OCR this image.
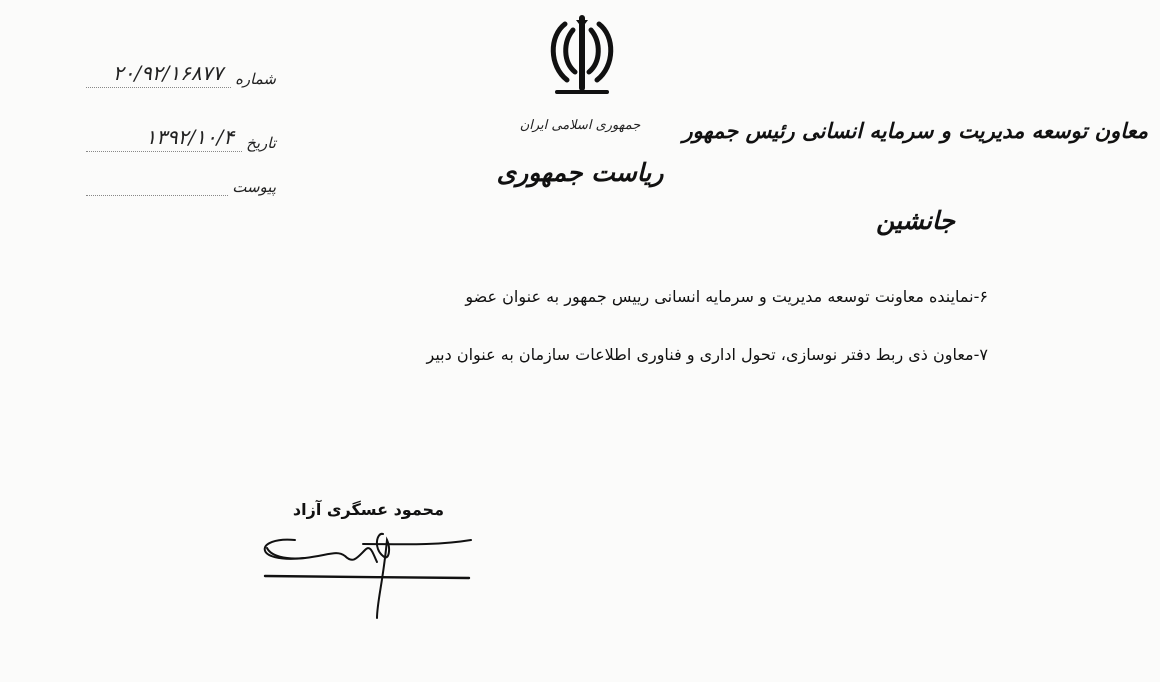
شماره
۲۰/۹۲/۱۶۸۷۷
تاریخ
۱۳۹۲/۱۰/۴
پیوست
جمهوری اسلامی ایران
ریاست جمهوری
معاون توسعه مدیریت و سرمایه انسانی رئیس جمهور
جانشین
۶-نماینده معاونت توسعه مدیریت و سرمایه انسانی رییس جمهور به عنوان عضو
۷-معاون ذی ربط دفتر نوسازی، تحول اداری و فناوری اطلاعات سازمان به عنوان دبیر
محمود عسگری آزاد
